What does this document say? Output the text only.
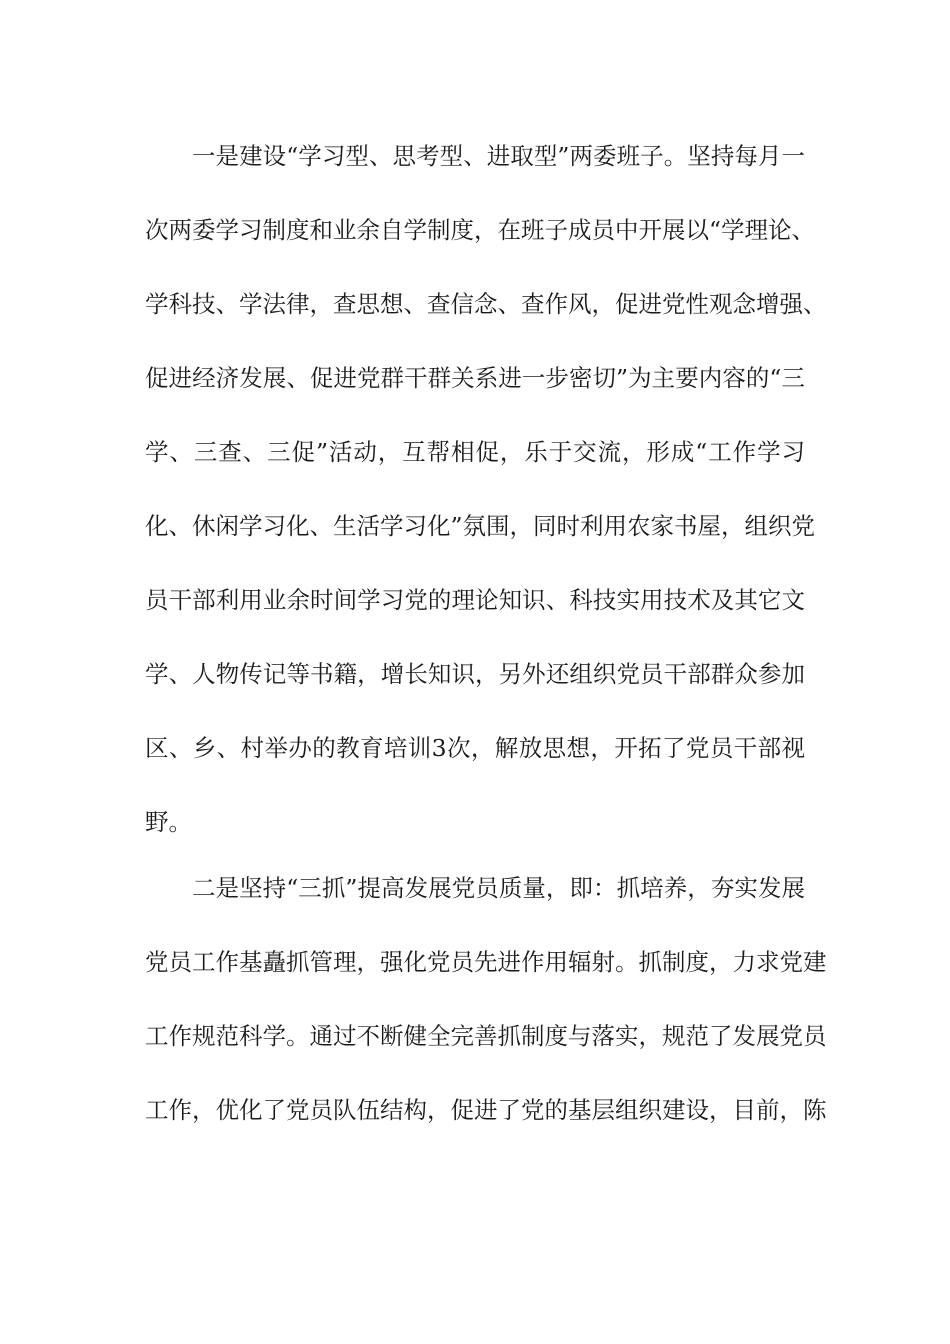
一是建设“学习型、思考型、进取型”两委班子。坚持每月一
次两委学习制度和业余自学制度，在班子成员中开展以“学理论、
学科技、学法律，查思想、查信念、查作风，促进党性观念增强、
促进经济发展、促进党群干群关系进一步密切”为主要内容的“三
学、三查、三促”活动，互帮相促，乐于交流，形成“工作学习
化、休闲学习化、生活学习化”氛围，同时利用农家书屋，组织党
员干部利用业余时间学习党的理论知识、科技实用技术及其它文
学、人物传记等书籍，增长知识，另外还组织党员干部群众参加
区、乡、村举办的教育培训3次，解放思想，开拓了党员干部视
野。
二是坚持“三抓”提高发展党员质量，即：抓培养，夯实发展
党员工作基矗抓管理，强化党员先进作用辐射。抓制度，力求党建
工作规范科学。通过不断健全完善抓制度与落实，规范了发展党员
工作，优化了党员队伍结构，促进了党的基层组织建设，目前，陈
